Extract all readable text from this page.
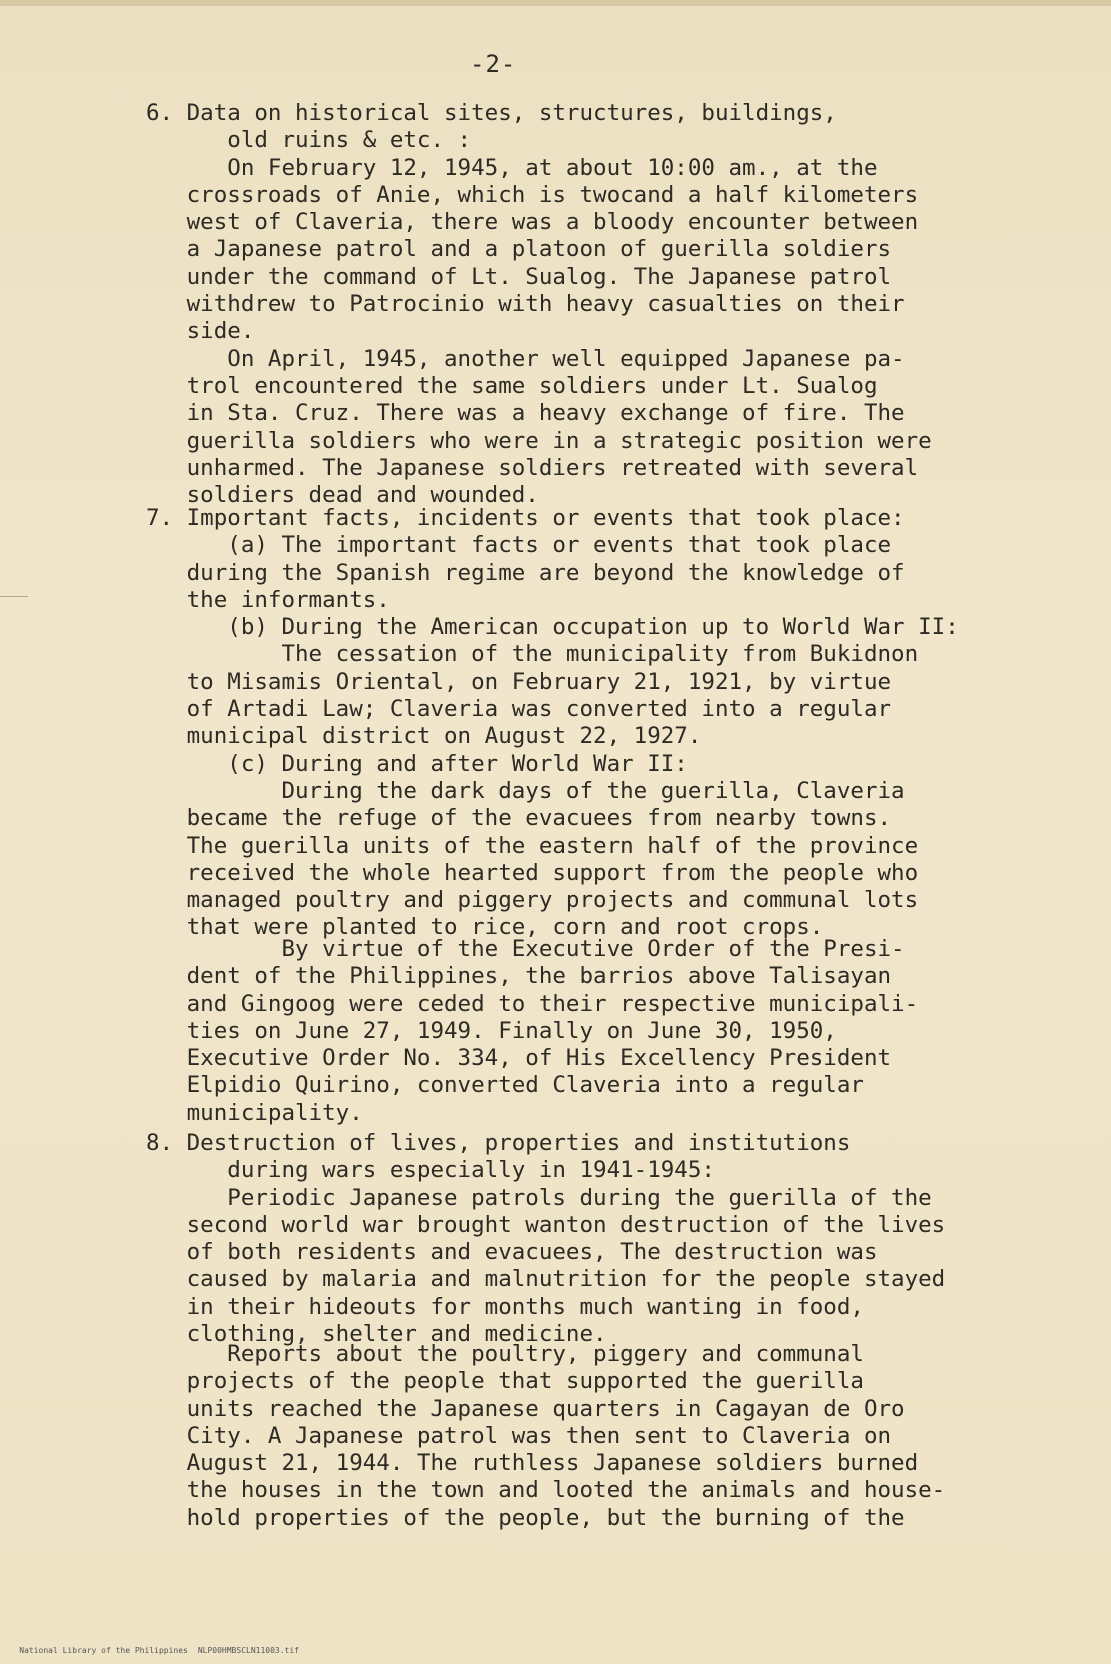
-2-
6. Data on historical sites, structures, buildings,
old ruins & etc. :
On February 12, 1945, at about 10:00 am., at the
crossroads of Anie, which is twocand a half kilometers
west of Claveria, there was a bloody encounter between
a Japanese patrol and a platoon of guerilla soldiers
under the command of Lt. Sualog. The Japanese patrol
withdrew to Patrocinio with heavy casualties on their
side.
On April, 1945, another well equipped Japanese pa-
trol encountered the same soldiers under Lt. Sualog
in Sta. Cruz. There was a heavy exchange of fire. The
guerilla soldiers who were in a strategic position were
unharmed. The Japanese soldiers retreated with several
soldiers dead and wounded.
7. Important facts, incidents or events that took place:
(a) The important facts or events that took place
during the Spanish regime are beyond the knowledge of
the informants.
(b) During the American occupation up to World War II:
The cessation of the municipality from Bukidnon
to Misamis Oriental, on February 21, 1921, by virtue
of Artadi Law; Claveria was converted into a regular
municipal district on August 22, 1927.
(c) During and after World War II:
During the dark days of the guerilla, Claveria
became the refuge of the evacuees from nearby towns.
The guerilla units of the eastern half of the province
received the whole hearted support from the people who
managed poultry and piggery projects and communal lots
that were planted to rice, corn and root crops.
By virtue of the Executive Order of the Presi-
dent of the Philippines, the barrios above Talisayan
and Gingoog were ceded to their respective municipali-
ties on June 27, 1949. Finally on June 30, 1950,
Executive Order No. 334, of His Excellency President
Elpidio Quirino, converted Claveria into a regular
municipality.
8. Destruction of lives, properties and institutions
during wars especially in 1941-1945:
Periodic Japanese patrols during the guerilla of the
second world war brought wanton destruction of the lives
of both residents and evacuees, The destruction was
caused by malaria and malnutrition for the people stayed
in their hideouts for months much wanting in food,
clothing, shelter and medicine.
Reports about the poultry, piggery and communal
projects of the people that supported the guerilla
units reached the Japanese quarters in Cagayan de Oro
City. A Japanese patrol was then sent to Claveria on
August 21, 1944. The ruthless Japanese soldiers burned
the houses in the town and looted the animals and house-
hold properties of the people, but the burning of the

National Library of the Philippines NLP00HMBSCLN11003.tif
